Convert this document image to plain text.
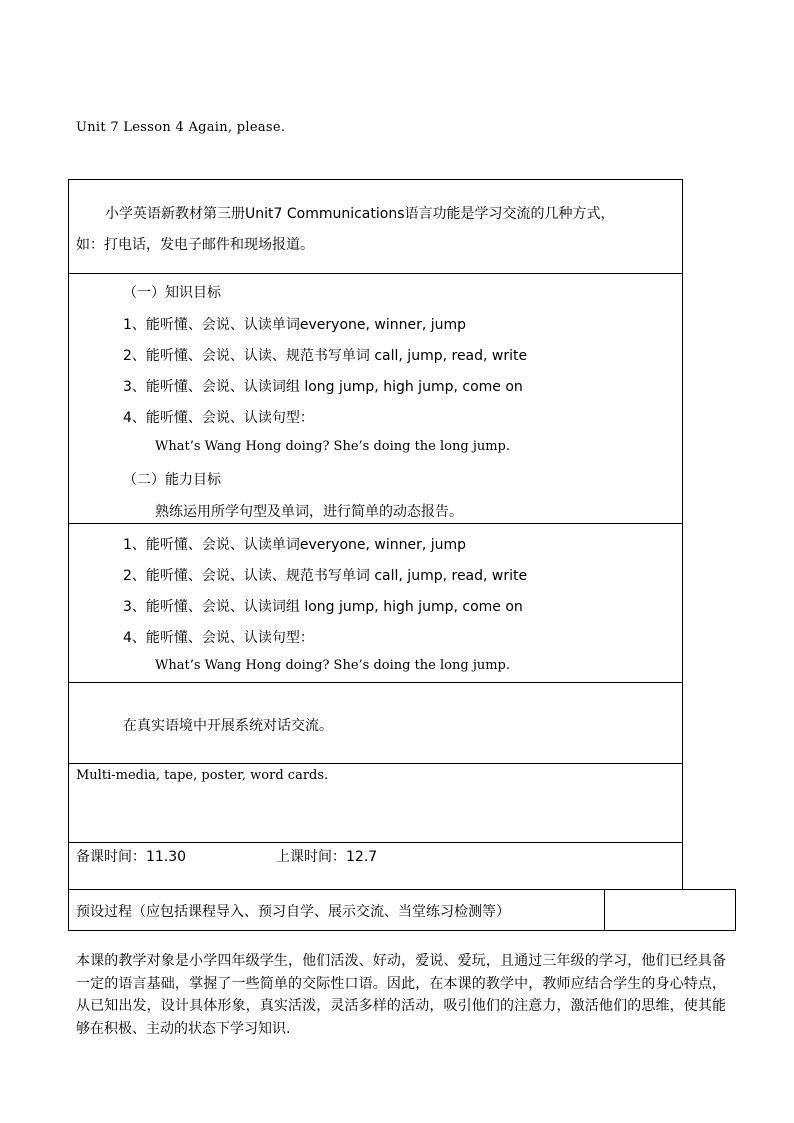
Unit 7 Lesson 4 Again, please.
小学英语新教材第三册Unit7 Communications语言功能是学习交流的几种方式，
如：打电话，发电子邮件和现场报道。
（一）知识目标
1、能听懂、会说、认读单词everyone, winner, jump
2、能听懂、会说、认读、规范书写单词 call, jump, read, write
3、能听懂、会说、认读词组 long jump, high jump, come on
4、能听懂、会说、认读句型：
What’s Wang Hong doing? She’s doing the long jump.
（二）能力目标
熟练运用所学句型及单词，进行简单的动态报告。
1、能听懂、会说、认读单词everyone, winner, jump
2、能听懂、会说、认读、规范书写单词 call, jump, read, write
3、能听懂、会说、认读词组 long jump, high jump, come on
4、能听懂、会说、认读句型：
What’s Wang Hong doing? She’s doing the long jump.
在真实语境中开展系统对话交流。
Multi-media, tape, poster, word cards.
备课时间：11.30	上课时间：12.7
预设过程（应包括课程导入、预习自学、展示交流、当堂练习检测等）
本课的教学对象是小学四年级学生，他们活泼、好动，爱说、爱玩，且通过三年级的学习，他们已经具备一定的语言基础，掌握了一些简单的交际性口语。因此，在本课的教学中，教师应结合学生的身心特点，从已知出发，设计具体形象，真实活泼，灵活多样的活动，吸引他们的注意力，激活他们的思维，使其能够在积极、主动的状态下学习知识.
